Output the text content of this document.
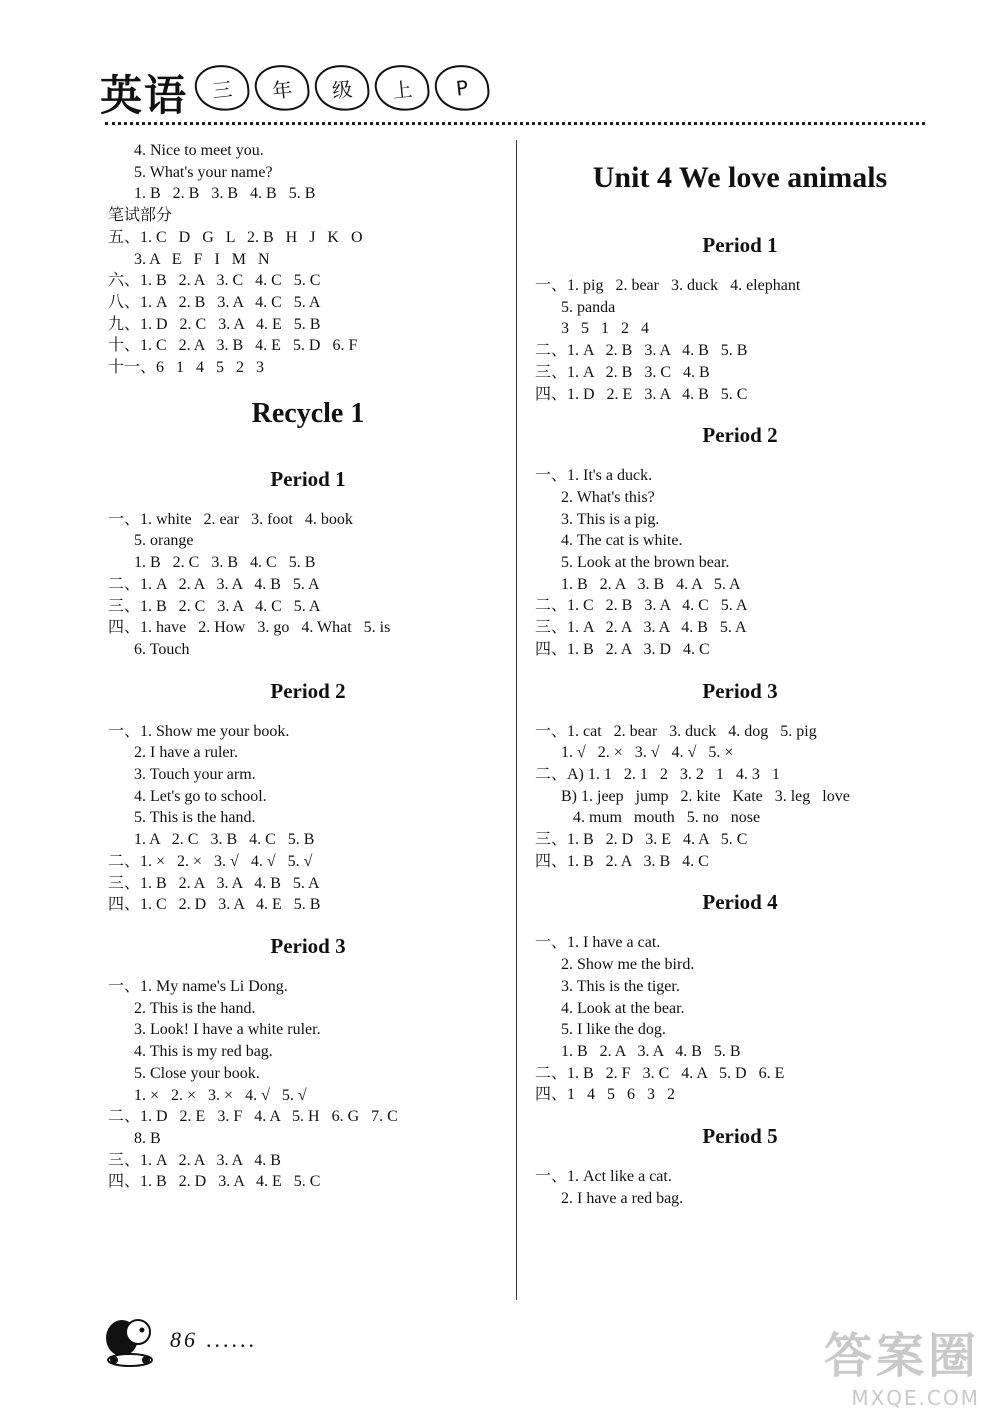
英语	三	年	级	上	P
4. Nice to meet you.
5. What's your name?
1. B   2. B   3. B   4. B   5. B
笔试部分
五、1. C   D   G   L   2. B   H   J   K   O
3. A   E   F   I   M   N
六、1. B   2. A   3. C   4. C   5. C
八、1. A   2. B   3. A   4. C   5. A
九、1. D   2. C   3. A   4. E   5. B
十、1. C   2. A   3. B   4. E   5. D   6. F
十一、6   1   4   5   2   3
Recycle 1
Period 1
一、1. white   2. ear   3. foot   4. book
5. orange
1. B   2. C   3. B   4. C   5. B
二、1. A   2. A   3. A   4. B   5. A
三、1. B   2. C   3. A   4. C   5. A
四、1. have   2. How   3. go   4. What   5. is
6. Touch
Period 2
一、1. Show me your book.
2. I have a ruler.
3. Touch your arm.
4. Let's go to school.
5. This is the hand.
1. A   2. C   3. B   4. C   5. B
二、1. ×   2. ×   3. √   4. √   5. √
三、1. B   2. A   3. A   4. B   5. A
四、1. C   2. D   3. A   4. E   5. B
Period 3
一、1. My name's Li Dong.
2. This is the hand.
3. Look! I have a white ruler.
4. This is my red bag.
5. Close your book.
1. ×   2. ×   3. ×   4. √   5. √
二、1. D   2. E   3. F   4. A   5. H   6. G   7. C
8. B
三、1. A   2. A   3. A   4. B
四、1. B   2. D   3. A   4. E   5. C
Unit 4 We love animals
Period 1
一、1. pig   2. bear   3. duck   4. elephant
5. panda
3   5   1   2   4
二、1. A   2. B   3. A   4. B   5. B
三、1. A   2. B   3. C   4. B
四、1. D   2. E   3. A   4. B   5. C
Period 2
一、1. It's a duck.
2. What's this?
3. This is a pig.
4. The cat is white.
5. Look at the brown bear.
1. B   2. A   3. B   4. A   5. A
二、1. C   2. B   3. A   4. C   5. A
三、1. A   2. A   3. A   4. B   5. A
四、1. B   2. A   3. D   4. C
Period 3
一、1. cat   2. bear   3. duck   4. dog   5. pig
1. √   2. ×   3. √   4. √   5. ×
二、A) 1. 1   2. 1   2   3. 2   1   4. 3   1
B) 1. jeep   jump   2. kite   Kate   3. leg   love
4. mum   mouth   5. no   nose
三、1. B   2. D   3. E   4. A   5. C
四、1. B   2. A   3. B   4. C
Period 4
一、1. I have a cat.
2. Show me the bird.
3. This is the tiger.
4. Look at the bear.
5. I like the dog.
1. B   2. A   3. A   4. B   5. B
二、1. B   2. F   3. C   4. A   5. D   6. E
四、1   4   5   6   3   2
Period 5
一、1. Act like a cat.
2. I have a red bag.
86 ......	答案圈
MXQE.COM
